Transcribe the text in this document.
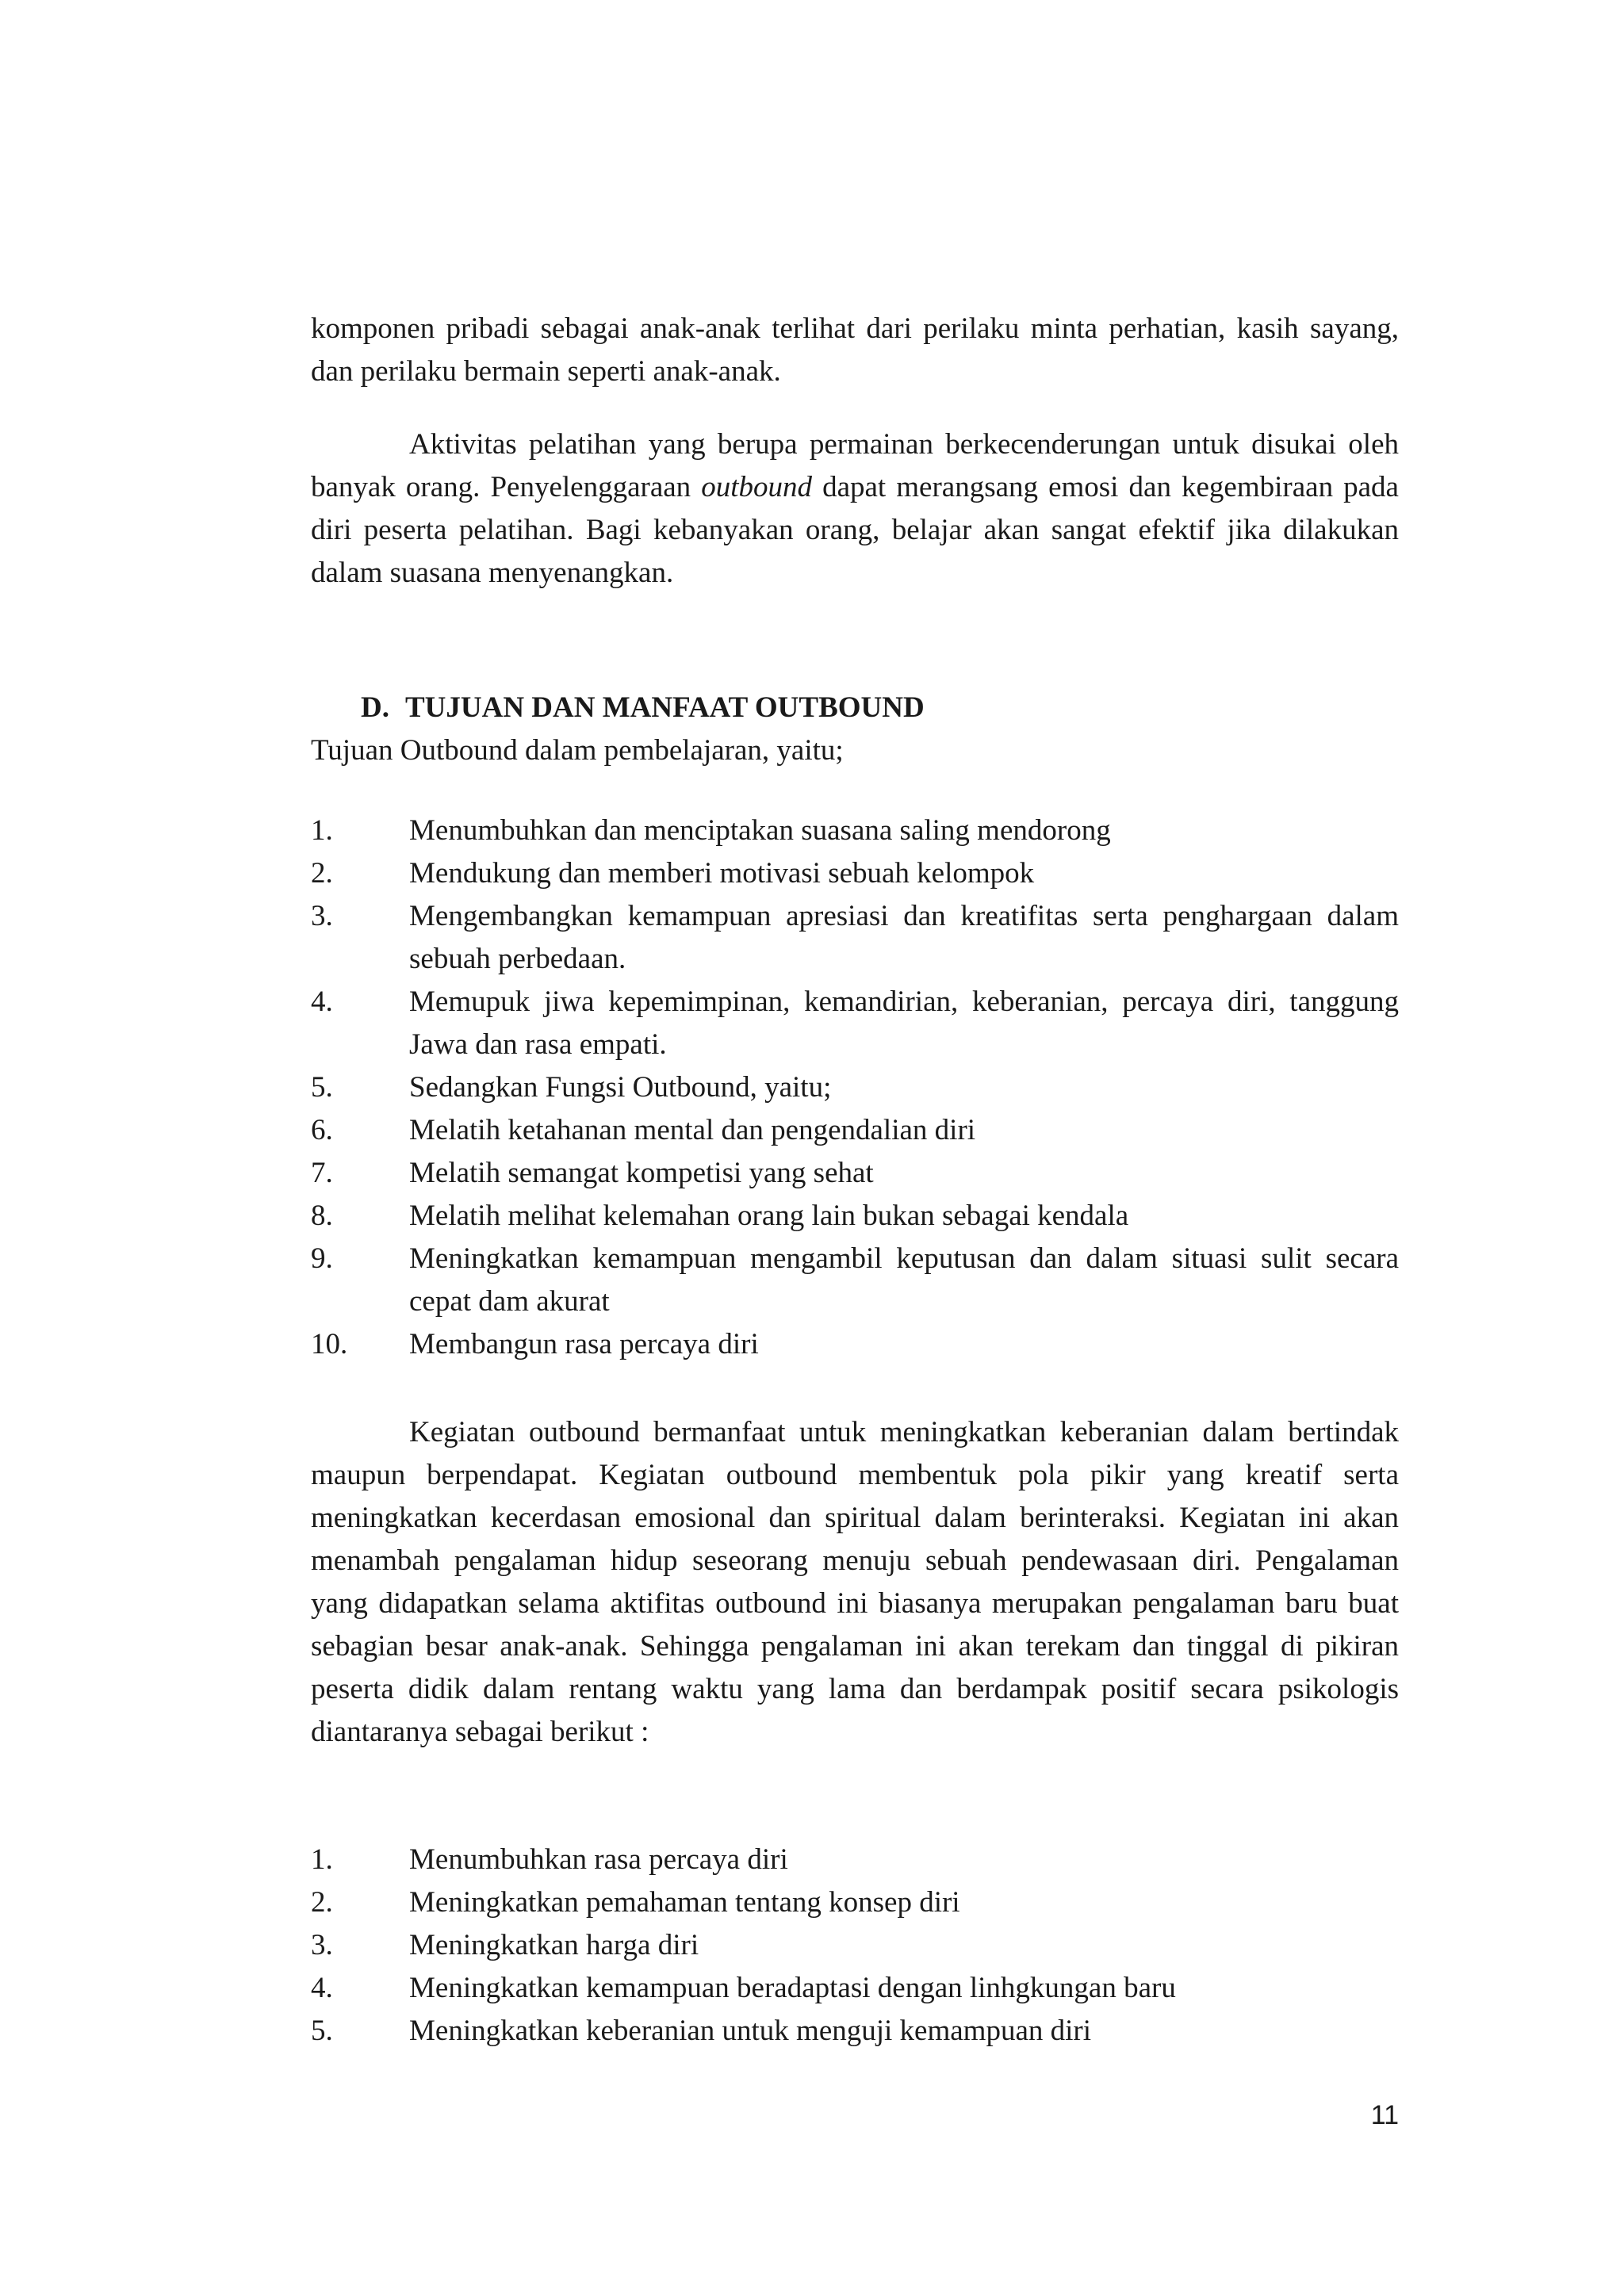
komponen pribadi sebagai anak-anak terlihat dari perilaku minta perhatian, kasih sayang, dan perilaku bermain seperti anak-anak.

Aktivitas pelatihan yang berupa permainan berkecenderungan untuk disukai oleh banyak orang. Penyelenggaraan outbound dapat merangsang emosi dan kegembiraan pada diri peserta pelatihan. Bagi kebanyakan orang, belajar akan sangat efektif jika dilakukan dalam suasana menyenangkan.

D. TUJUAN DAN MANFAAT OUTBOUND

Tujuan Outbound dalam pembelajaran, yaitu;

1.	Menumbuhkan dan menciptakan suasana saling mendorong
2.	Mendukung dan memberi motivasi sebuah kelompok
3.	Mengembangkan kemampuan apresiasi dan kreatifitas serta penghargaan dalam sebuah perbedaan.
4.	Memupuk jiwa kepemimpinan, kemandirian, keberanian, percaya diri, tanggung Jawa dan rasa empati.
5.	Sedangkan Fungsi Outbound, yaitu;
6.	Melatih ketahanan mental dan pengendalian diri
7.	Melatih semangat kompetisi yang sehat
8.	Melatih melihat kelemahan orang lain bukan sebagai kendala
9.	Meningkatkan kemampuan mengambil keputusan dan dalam situasi sulit secara cepat dam akurat
10.	Membangun rasa percaya diri

Kegiatan outbound bermanfaat untuk meningkatkan keberanian dalam bertindak maupun berpendapat. Kegiatan outbound membentuk pola pikir yang kreatif serta meningkatkan kecerdasan emosional dan spiritual dalam berinteraksi. Kegiatan ini akan menambah pengalaman hidup seseorang menuju sebuah pendewasaan diri. Pengalaman yang didapatkan selama aktifitas outbound ini biasanya merupakan pengalaman baru buat sebagian besar anak-anak. Sehingga pengalaman ini akan terekam dan tinggal di pikiran peserta didik dalam rentang waktu yang lama dan berdampak positif secara psikologis diantaranya sebagai berikut :

1.	Menumbuhkan rasa percaya diri
2.	Meningkatkan pemahaman tentang konsep diri
3.	Meningkatkan harga diri
4.	Meningkatkan kemampuan beradaptasi dengan linhgkungan baru
5.	Meningkatkan keberanian untuk menguji kemampuan diri
11
